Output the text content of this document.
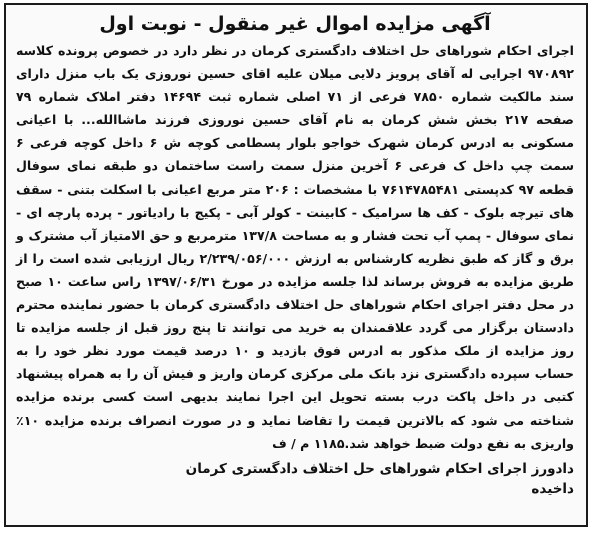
آگهی مزایده اموال غیر منقول - نوبت اول

اجرای احکام شوراهای حل اختلاف دادگستری کرمان در نظر دارد در خصوص پرونده کلاسه ۹۷۰۸۹۲ اجرایی له آقای پرویز دلایی میلان علیه اقای حسین نوروزی یک باب منزل دارای سند مالکیت شماره ۷۸۵۰ فرعی از ۷۱ اصلی شماره ثبت ۱۴۶۹۴ دفتر املاک شماره ۷۹ صفحه ۲۱۷ بخش شش کرمان به نام آقای حسین نوروزی فرزند ماشاالله... با اعیانی مسکونی به ادرس کرمان شهرک خواجو بلوار پسطامی کوچه ش ۶ داخل کوچه فرعی ۶ سمت چپ داخل ک فرعی ۶ آخرین منزل سمت راست ساختمان دو طبقه نمای سوفال قطعه ۹۷ کدپستی ۷۶۱۴۷۸۵۴۸۱ با مشخصات : ۲۰۶ متر مربع اعیانی با اسکلت بتنی - سقف های تیرچه بلوک - کف ها سرامیک - کابینت - کولر آبی - پکیج با رادیاتور - پرده پارچه ای - نمای سوفال - پمپ آب تحت فشار و به مساحت ۱۳۷/۸ مترمربع و حق الامتیاز آب مشترک و برق و گاز که طبق نظریه کارشناس به ارزش ۲/۲۳۹/۰۵۶/۰۰۰ ریال ارزیابی شده است را از طریق مزایده به فروش برساند لذا جلسه مزایده در مورخ ۱۳۹۷/۰۶/۳۱ راس ساعت ۱۰ صبح در محل دفتر اجرای احکام شوراهای حل اختلاف دادگستری کرمان با حضور نماینده محترم دادستان برگزار می گردد علاقمندان به خرید می توانند تا پنج روز قبل از جلسه مزایده تا روز مزایده از ملک مذکور به ادرس فوق بازدید و ۱۰ درصد قیمت مورد نظر خود را به حساب سپرده دادگستری نزد بانک ملی مرکزی کرمان واریز و فیش آن را به همراه پیشنهاد کتبی در داخل پاکت درب بسته تحویل این اجرا نمایند بدیهی است کسی برنده مزایده شناخته می شود که بالاترین قیمت را تقاضا نماید و در صورت انصراف برنده مزایده ۱۰٪ واریزی به نفع دولت ضبط خواهد شد.۱۱۸۵ م / ف

دادورز اجرای احکام شوراهای حل اختلاف دادگستری کرمان
داخیده
